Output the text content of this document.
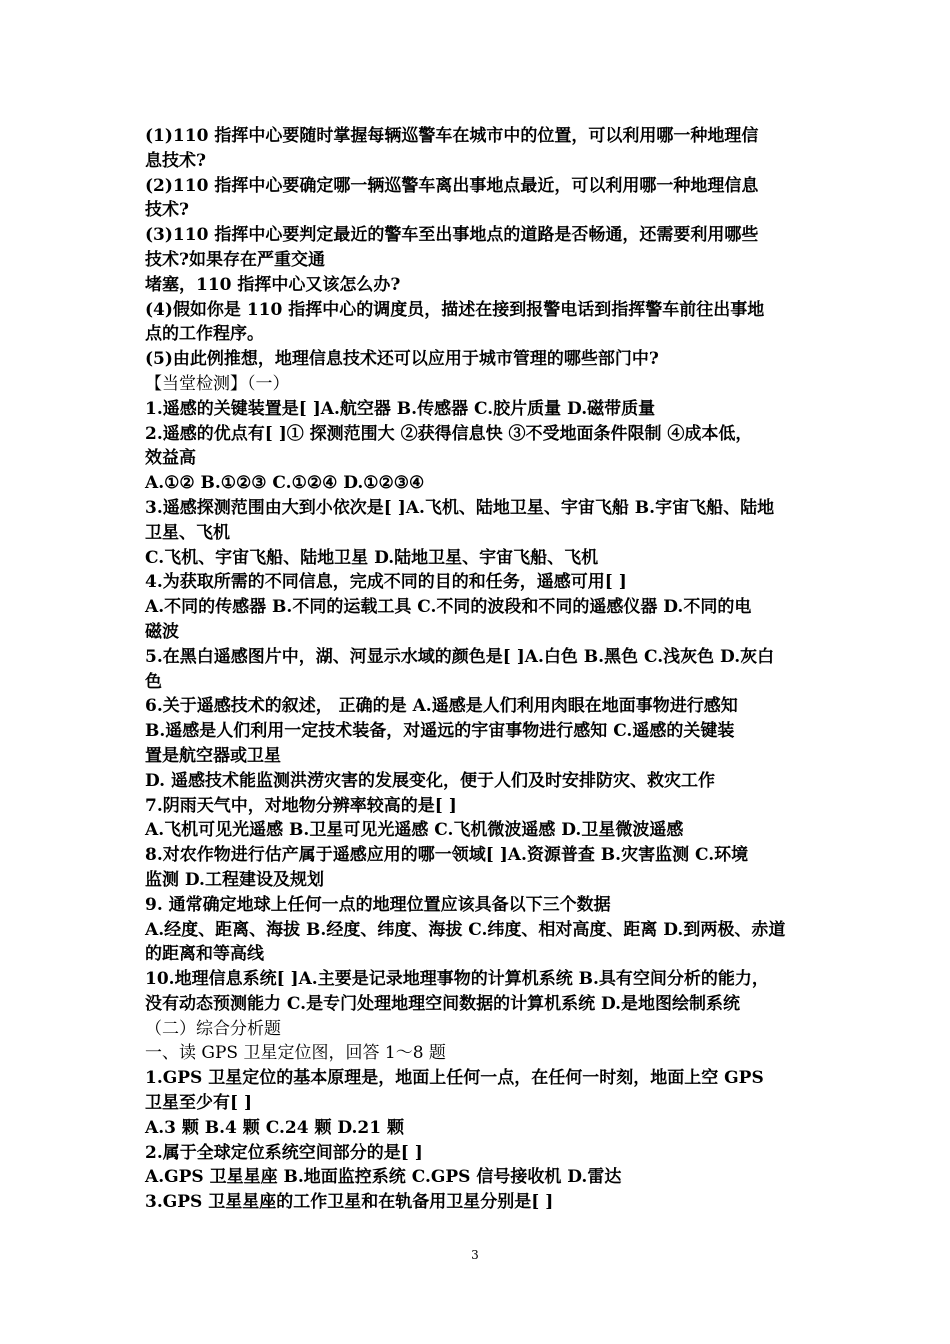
(1)110 指挥中心要随时掌握每辆巡警车在城市中的位置，可以利用哪一种地理信
息技术?
(2)110 指挥中心要确定哪一辆巡警车离出事地点最近，可以利用哪一种地理信息
技术?
(3)110 指挥中心要判定最近的警车至出事地点的道路是否畅通，还需要利用哪些
技术?如果存在严重交通
堵塞，110 指挥中心又该怎么办?
(4)假如你是 110 指挥中心的调度员，描述在接到报警电话到指挥警车前往出事地
点的工作程序。
(5)由此例推想，地理信息技术还可以应用于城市管理的哪些部门中?
【当堂检测】（一）
1.遥感的关键装置是[ ]A.航空器 B.传感器 C.胶片质量 D.磁带质量
2.遥感的优点有[ ]① 探测范围大 ②获得信息快 ③不受地面条件限制 ④成本低，
效益高
A.①② B.①②③ C.①②④ D.①②③④
3.遥感探测范围由大到小依次是[ ]A.飞机、陆地卫星、宇宙飞船 B.宇宙飞船、陆地
卫星、飞机
C.飞机、宇宙飞船、陆地卫星 D.陆地卫星、宇宙飞船、飞机
4.为获取所需的不同信息，完成不同的目的和任务，遥感可用[ ]
A.不同的传感器 B.不同的运载工具 C.不同的波段和不同的遥感仪器 D.不同的电
磁波
5.在黑白遥感图片中，湖、河显示水域的颜色是[ ]A.白色 B.黑色 C.浅灰色 D.灰白
色
6.关于遥感技术的叙述， 正确的是 A.遥感是人们利用肉眼在地面事物进行感知
B.遥感是人们利用一定技术装备，对遥远的宇宙事物进行感知 C.遥感的关键装
置是航空器或卫星
D. 遥感技术能监测洪涝灾害的发展变化，便于人们及时安排防灾、救灾工作
7.阴雨天气中，对地物分辨率较高的是[ ]
A.飞机可见光遥感 B.卫星可见光遥感 C.飞机微波遥感 D.卫星微波遥感
8.对农作物进行估产属于遥感应用的哪一领域[ ]A.资源普查 B.灾害监测 C.环境
监测 D.工程建设及规划
9. 通常确定地球上任何一点的地理位置应该具备以下三个数据
A.经度、距离、海拔 B.经度、纬度、海拔 C.纬度、相对高度、距离 D.到两极、赤道
的距离和等高线
10.地理信息系统[ ]A.主要是记录地理事物的计算机系统 B.具有空间分析的能力，
没有动态预测能力 C.是专门处理地理空间数据的计算机系统 D.是地图绘制系统
（二）综合分析题
一、读 GPS 卫星定位图，回答 1～8 题
1.GPS 卫星定位的基本原理是，地面上任何一点，在任何一时刻，地面上空 GPS
卫星至少有[ ]
A.3 颗 B.4 颗 C.24 颗 D.21 颗
2.属于全球定位系统空间部分的是[ ]
A.GPS 卫星星座 B.地面监控系统 C.GPS 信号接收机 D.雷达
3.GPS 卫星星座的工作卫星和在轨备用卫星分别是[ ]
3
